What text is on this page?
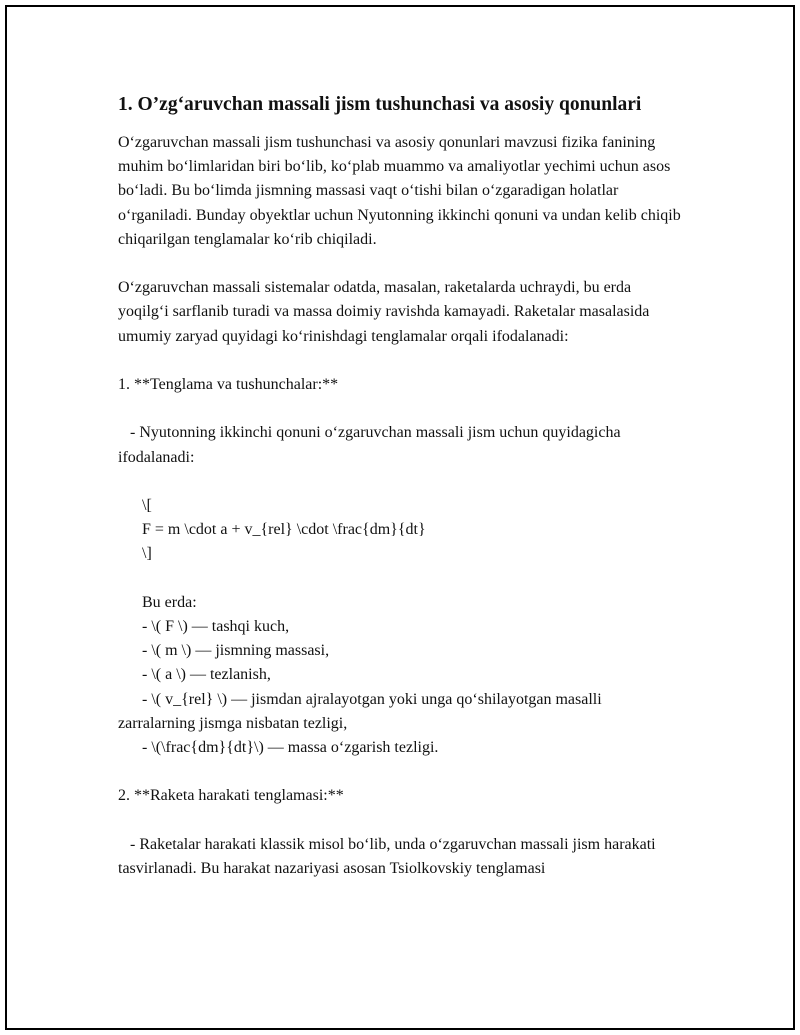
1. O’zg‘aruvchan massali jism tushunchasi va asosiy qonunlari

O‘zgaruvchan massali jism tushunchasi va asosiy qonunlari mavzusi fizika fanining muhim bo‘limlaridan biri bo‘lib, ko‘plab muammo va amaliyotlar yechimi uchun asos bo‘ladi. Bu bo‘limda jismning massasi vaqt o‘tishi bilan o‘zgaradigan holatlar o‘rganiladi. Bunday obyektlar uchun Nyutonning ikkinchi qonuni va undan kelib chiqib chiqarilgan tenglamalar ko‘rib chiqiladi.

O‘zgaruvchan massali sistemalar odatda, masalan, raketalarda uchraydi, bu erda yoqilg‘i sarflanib turadi va massa doimiy ravishda kamayadi. Raketalar masalasida umumiy zaryad quyidagi ko‘rinishdagi tenglamalar orqali ifodalanadi:

1. **Tenglama va tushunchalar:**

- Nyutonning ikkinchi qonuni o‘zgaruvchan massali jism uchun quyidagicha ifodalanadi:

\[

F = m \cdot a + v_{rel} \cdot \frac{dm}{dt}

\]

Bu erda:

- \( F \) — tashqi kuch,

- \( m \) — jismning massasi,

- \( a \) — tezlanish,

- \( v_{rel} \) — jismdan ajralayotgan yoki unga qo‘shilayotgan masalli

zarralarning jismga nisbatan tezligi,

- \(\frac{dm}{dt}\) — massa o‘zgarish tezligi.

2. **Raketa harakati tenglamasi:**

- Raketalar harakati klassik misol bo‘lib, unda o‘zgaruvchan massali jism harakati tasvirlanadi. Bu harakat nazariyasi asosan Tsiolkovskiy tenglamasi
